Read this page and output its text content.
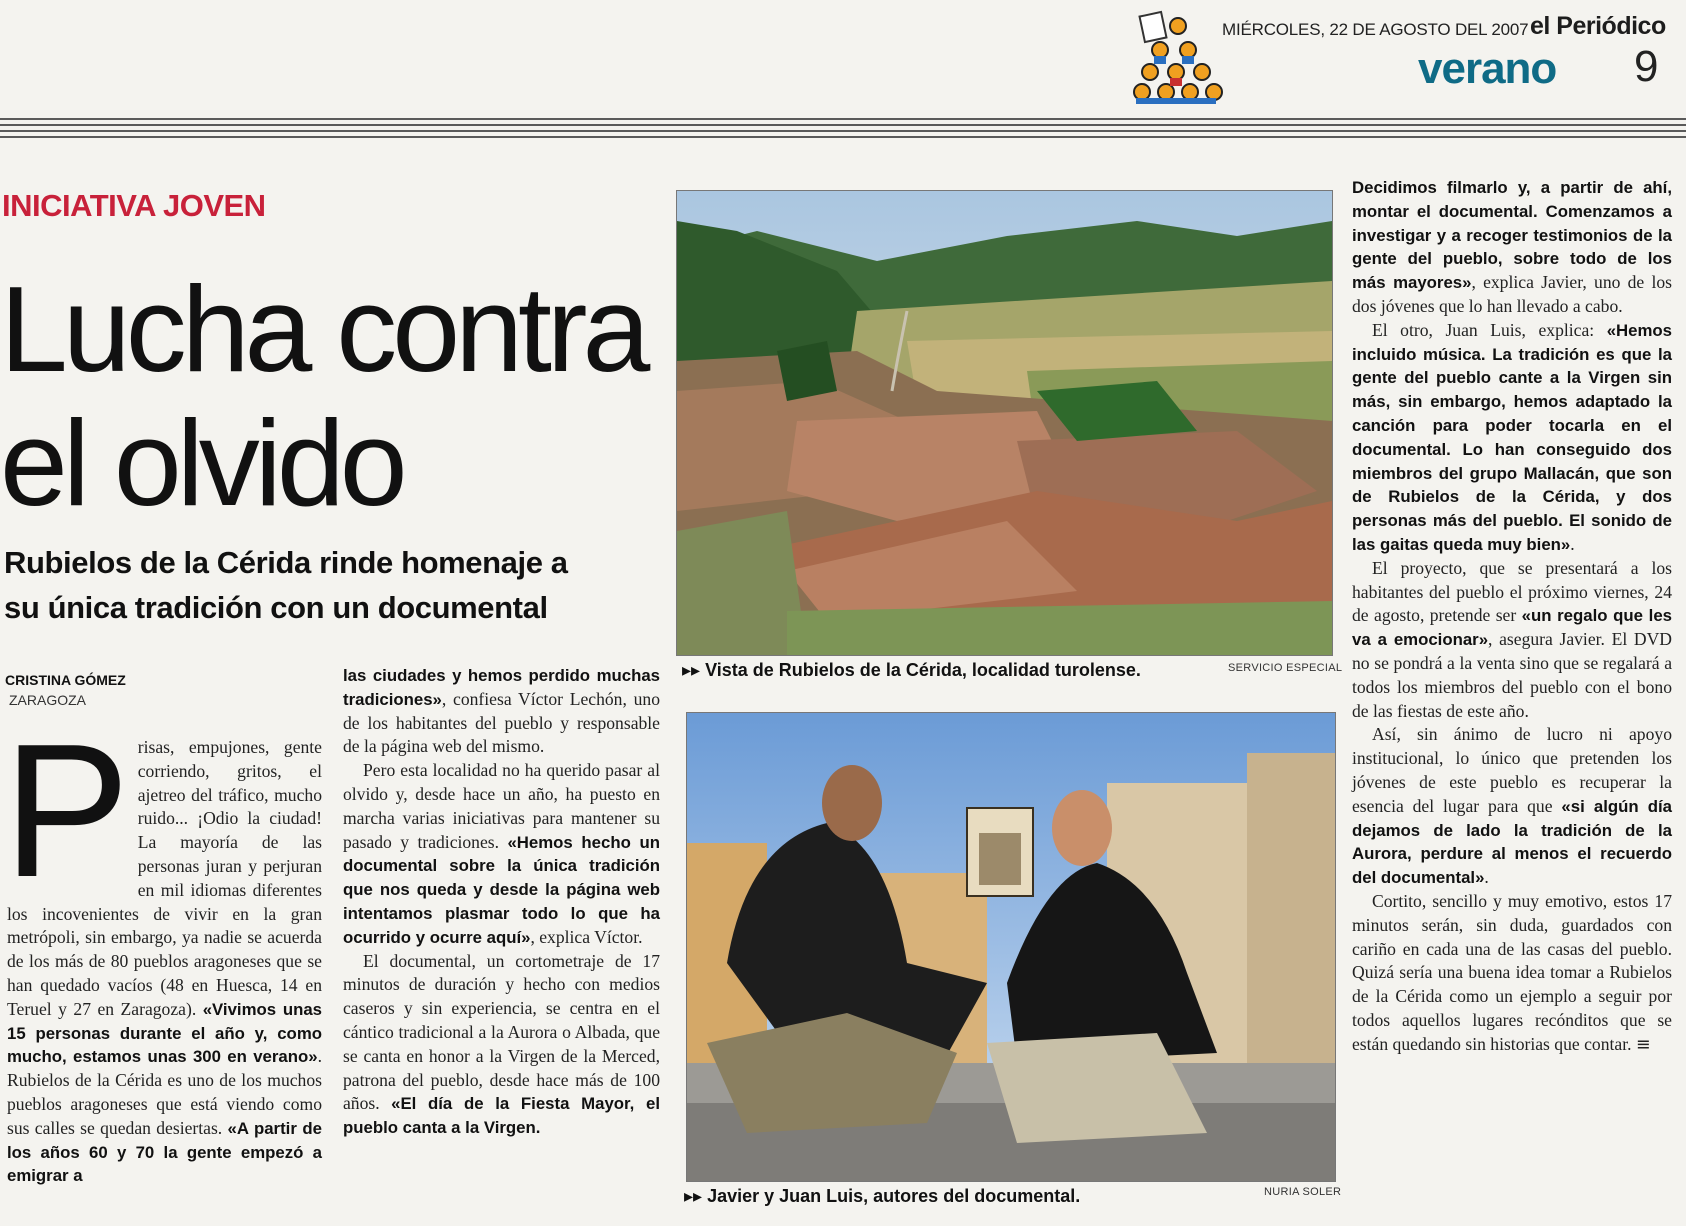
MIÉRCOLES, 22 DE AGOSTO DEL 2007 el Periódico
verano 9
INICIATIVA JOVEN
Lucha contra
el olvido
Rubielos de la Cérida rinde homenaje a
su única tradición con un documental
CRISTINA GÓMEZ
ZARAGOZA

Prisas, empujones, gente corriendo, gritos, el ajetreo del tráfico, mucho ruido... ¡Odio la ciudad! La mayoría de las personas juran y perjuran en mil idiomas diferentes los incovenientes de vivir en la gran metrópoli, sin embargo, ya nadie se acuerda de los más de 80 pueblos aragoneses que se han quedado vacíos (48 en Huesca, 14 en Teruel y 27 en Zaragoza). «Vivimos unas 15 personas durante el año y, como mucho, estamos unas 300 en verano». Rubielos de la Cérida es uno de los muchos pueblos aragoneses que está viendo como sus calles se quedan desiertas. «A partir de los años 60 y 70 la gente empezó a emigrar a

las ciudades y hemos perdido muchas tradiciones», confiesa Víctor Lechón, uno de los habitantes del pueblo y responsable de la página web del mismo.

Pero esta localidad no ha querido pasar al olvido y, desde hace un año, ha puesto en marcha varias iniciativas para mantener su pasado y tradiciones. «Hemos hecho un documental sobre la única tradición que nos queda y desde la página web intentamos plasmar todo lo que ha ocurrido y ocurre aquí», explica Víctor.

El documental, un cortometraje de 17 minutos de duración y hecho con medios caseros y sin experiencia, se centra en el cántico tradicional a la Aurora o Albada, que se canta en honor a la Virgen de la Merced, patrona del pueblo, desde hace más de 100 años. «El día de la Fiesta Mayor, el pueblo canta a la Virgen.

▸▸ Vista de Rubielos de la Cérida, localidad turolense.	SERVICIO ESPECIAL
▸▸ Javier y Juan Luis, autores del documental.	NURIA SOLER

Decidimos filmarlo y, a partir de ahí, montar el documental. Comenzamos a investigar y a recoger testimonios de la gente del pueblo, sobre todo de los más mayores», explica Javier, uno de los dos jóvenes que lo han llevado a cabo.

El otro, Juan Luis, explica: «Hemos incluido música. La tradición es que la gente del pueblo cante a la Virgen sin más, sin embargo, hemos adaptado la canción para poder tocarla en el documental. Lo han conseguido dos miembros del grupo Mallacán, que son de Rubielos de la Cérida, y dos personas más del pueblo. El sonido de las gaitas queda muy bien».

El proyecto, que se presentará a los habitantes del pueblo el próximo viernes, 24 de agosto, pretende ser «un regalo que les va a emocionar», asegura Javier. El DVD no se pondrá a la venta sino que se regalará a todos los miembros del pueblo con el bono de las fiestas de este año.

Así, sin ánimo de lucro ni apoyo institucional, lo único que pretenden los jóvenes de este pueblo es recuperar la esencia del lugar para que «si algún día dejamos de lado la tradición de la Aurora, perdure al menos el recuerdo del documental».

Cortito, sencillo y muy emotivo, estos 17 minutos serán, sin duda, guardados con cariño en cada una de las casas del pueblo. Quizá sería una buena idea tomar a Rubielos de la Cérida como un ejemplo a seguir por todos aquellos lugares recónditos que se están quedando sin historias que contar. ≡
